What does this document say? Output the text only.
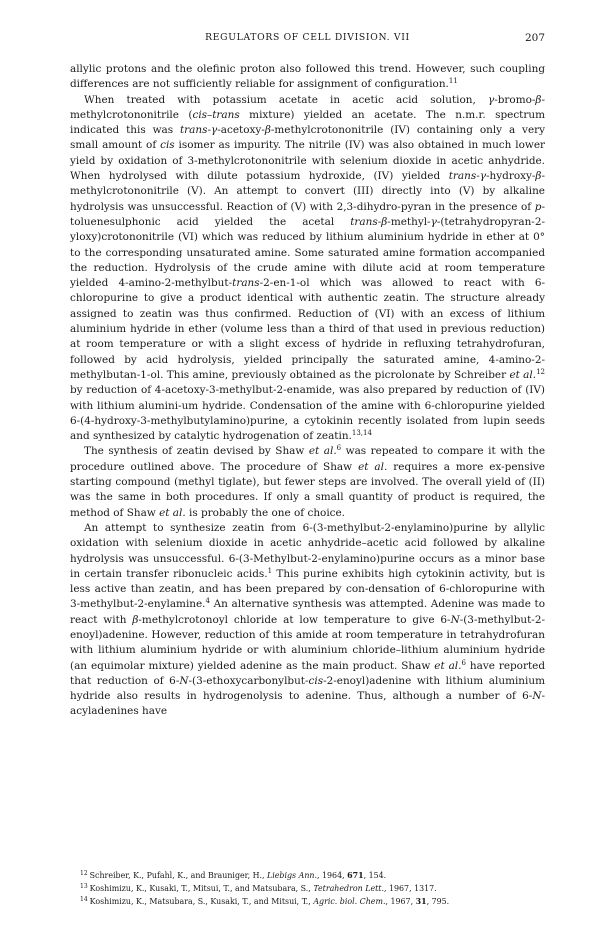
REGULATORS OF CELL DIVISION. VII	207

allylic protons and the olefinic proton also followed this trend. However, such coupling differences are not sufficiently reliable for assignment of configuration.$^{11}$

When treated with potassium acetate in acetic acid solution, γ-bromo-β-methylcrotononitrile (cis–trans mixture) yielded an acetate. The n.m.r. spectrum indicated this was trans-γ-acetoxy-β-methylcrotononitrile (IV) containing only a very small amount of cis isomer as impurity. The nitrile (IV) was also obtained in much lower yield by oxidation of 3-methylcrotononitrile with selenium dioxide in acetic anhydride. When hydrolysed with dilute potassium hydroxide, (IV) yielded trans-γ-hydroxy-β-methylcrotononitrile (V). An attempt to convert (III) directly into (V) by alkaline hydrolysis was unsuccessful. Reaction of (V) with 2,3-dihydro-pyran in the presence of p-toluenesulphonic acid yielded the acetal trans-β-methyl-γ-(tetrahydropyran-2-yloxy)crotononitrile (VI) which was reduced by lithium aluminium hydride in ether at 0° to the corresponding unsaturated amine. Some saturated amine formation accompanied the reduction. Hydrolysis of the crude amine with dilute acid at room temperature yielded 4-amino-2-methylbut-trans-2-en-1-ol which was allowed to react with 6-chloropurine to give a product identical with authentic zeatin. The structure already assigned to zeatin was thus confirmed. Reduction of (VI) with an excess of lithium aluminium hydride in ether (volume less than a third of that used in previous reduction) at room temperature or with a slight excess of hydride in refluxing tetrahydrofuran, followed by acid hydrolysis, yielded principally the saturated amine, 4-amino-2-methylbutan-1-ol. This amine, previously obtained as the picrolonate by Schreiber et al.$^{12}$ by reduction of 4-acetoxy-3-methylbut-2-enamide, was also prepared by reduction of (IV) with lithium alumini-um hydride. Condensation of the amine with 6-chloropurine yielded 6-(4-hydroxy-3-methylbutylamino)purine, a cytokinin recently isolated from lupin seeds and synthesized by catalytic hydrogenation of zeatin.$^{13,14}$

The synthesis of zeatin devised by Shaw et al.$^6$ was repeated to compare it with the procedure outlined above. The procedure of Shaw et al. requires a more ex-pensive starting compound (methyl tiglate), but fewer steps are involved. The overall yield of (II) was the same in both procedures. If only a small quantity of product is required, the method of Shaw et al. is probably the one of choice.

An attempt to synthesize zeatin from 6-(3-methylbut-2-enylamino)purine by allylic oxidation with selenium dioxide in acetic anhydride–acetic acid followed by alkaline hydrolysis was unsuccessful. 6-(3-Methylbut-2-enylamino)purine occurs as a minor base in certain transfer ribonucleic acids.$^1$ This purine exhibits high cytokinin activity, but is less active than zeatin, and has been prepared by con-densation of 6-chloropurine with 3-methylbut-2-enylamine.$^4$ An alternative synthesis was attempted. Adenine was made to react with β-methylcrotonoyl chloride at low temperature to give 6-N-(3-methylbut-2-enoyl)adenine. However, reduction of this amide at room temperature in tetrahydrofuran with lithium aluminium hydride or with aluminium chloride–lithium aluminium hydride (an equimolar mixture) yielded adenine as the main product. Shaw et al.$^6$ have reported that reduction of 6-N-(3-ethoxycarbonylbut-cis-2-enoyl)adenine with lithium aluminium hydride also results in hydrogenolysis to adenine. Thus, although a number of 6-N-acyladenines have

$^{12}$ Schreiber, K., Pufahl, K., and Brauniger, H., Liebigs Ann., 1964, 671, 154.

$^{13}$ Koshimizu, K., Kusaki, T., Mitsui, T., and Matsubara, S., Tetrahedron Lett., 1967, 1317.

$^{14}$ Koshimizu, K., Matsubara, S., Kusaki, T., and Mitsui, T., Agric. biol. Chem., 1967, 31, 795.
